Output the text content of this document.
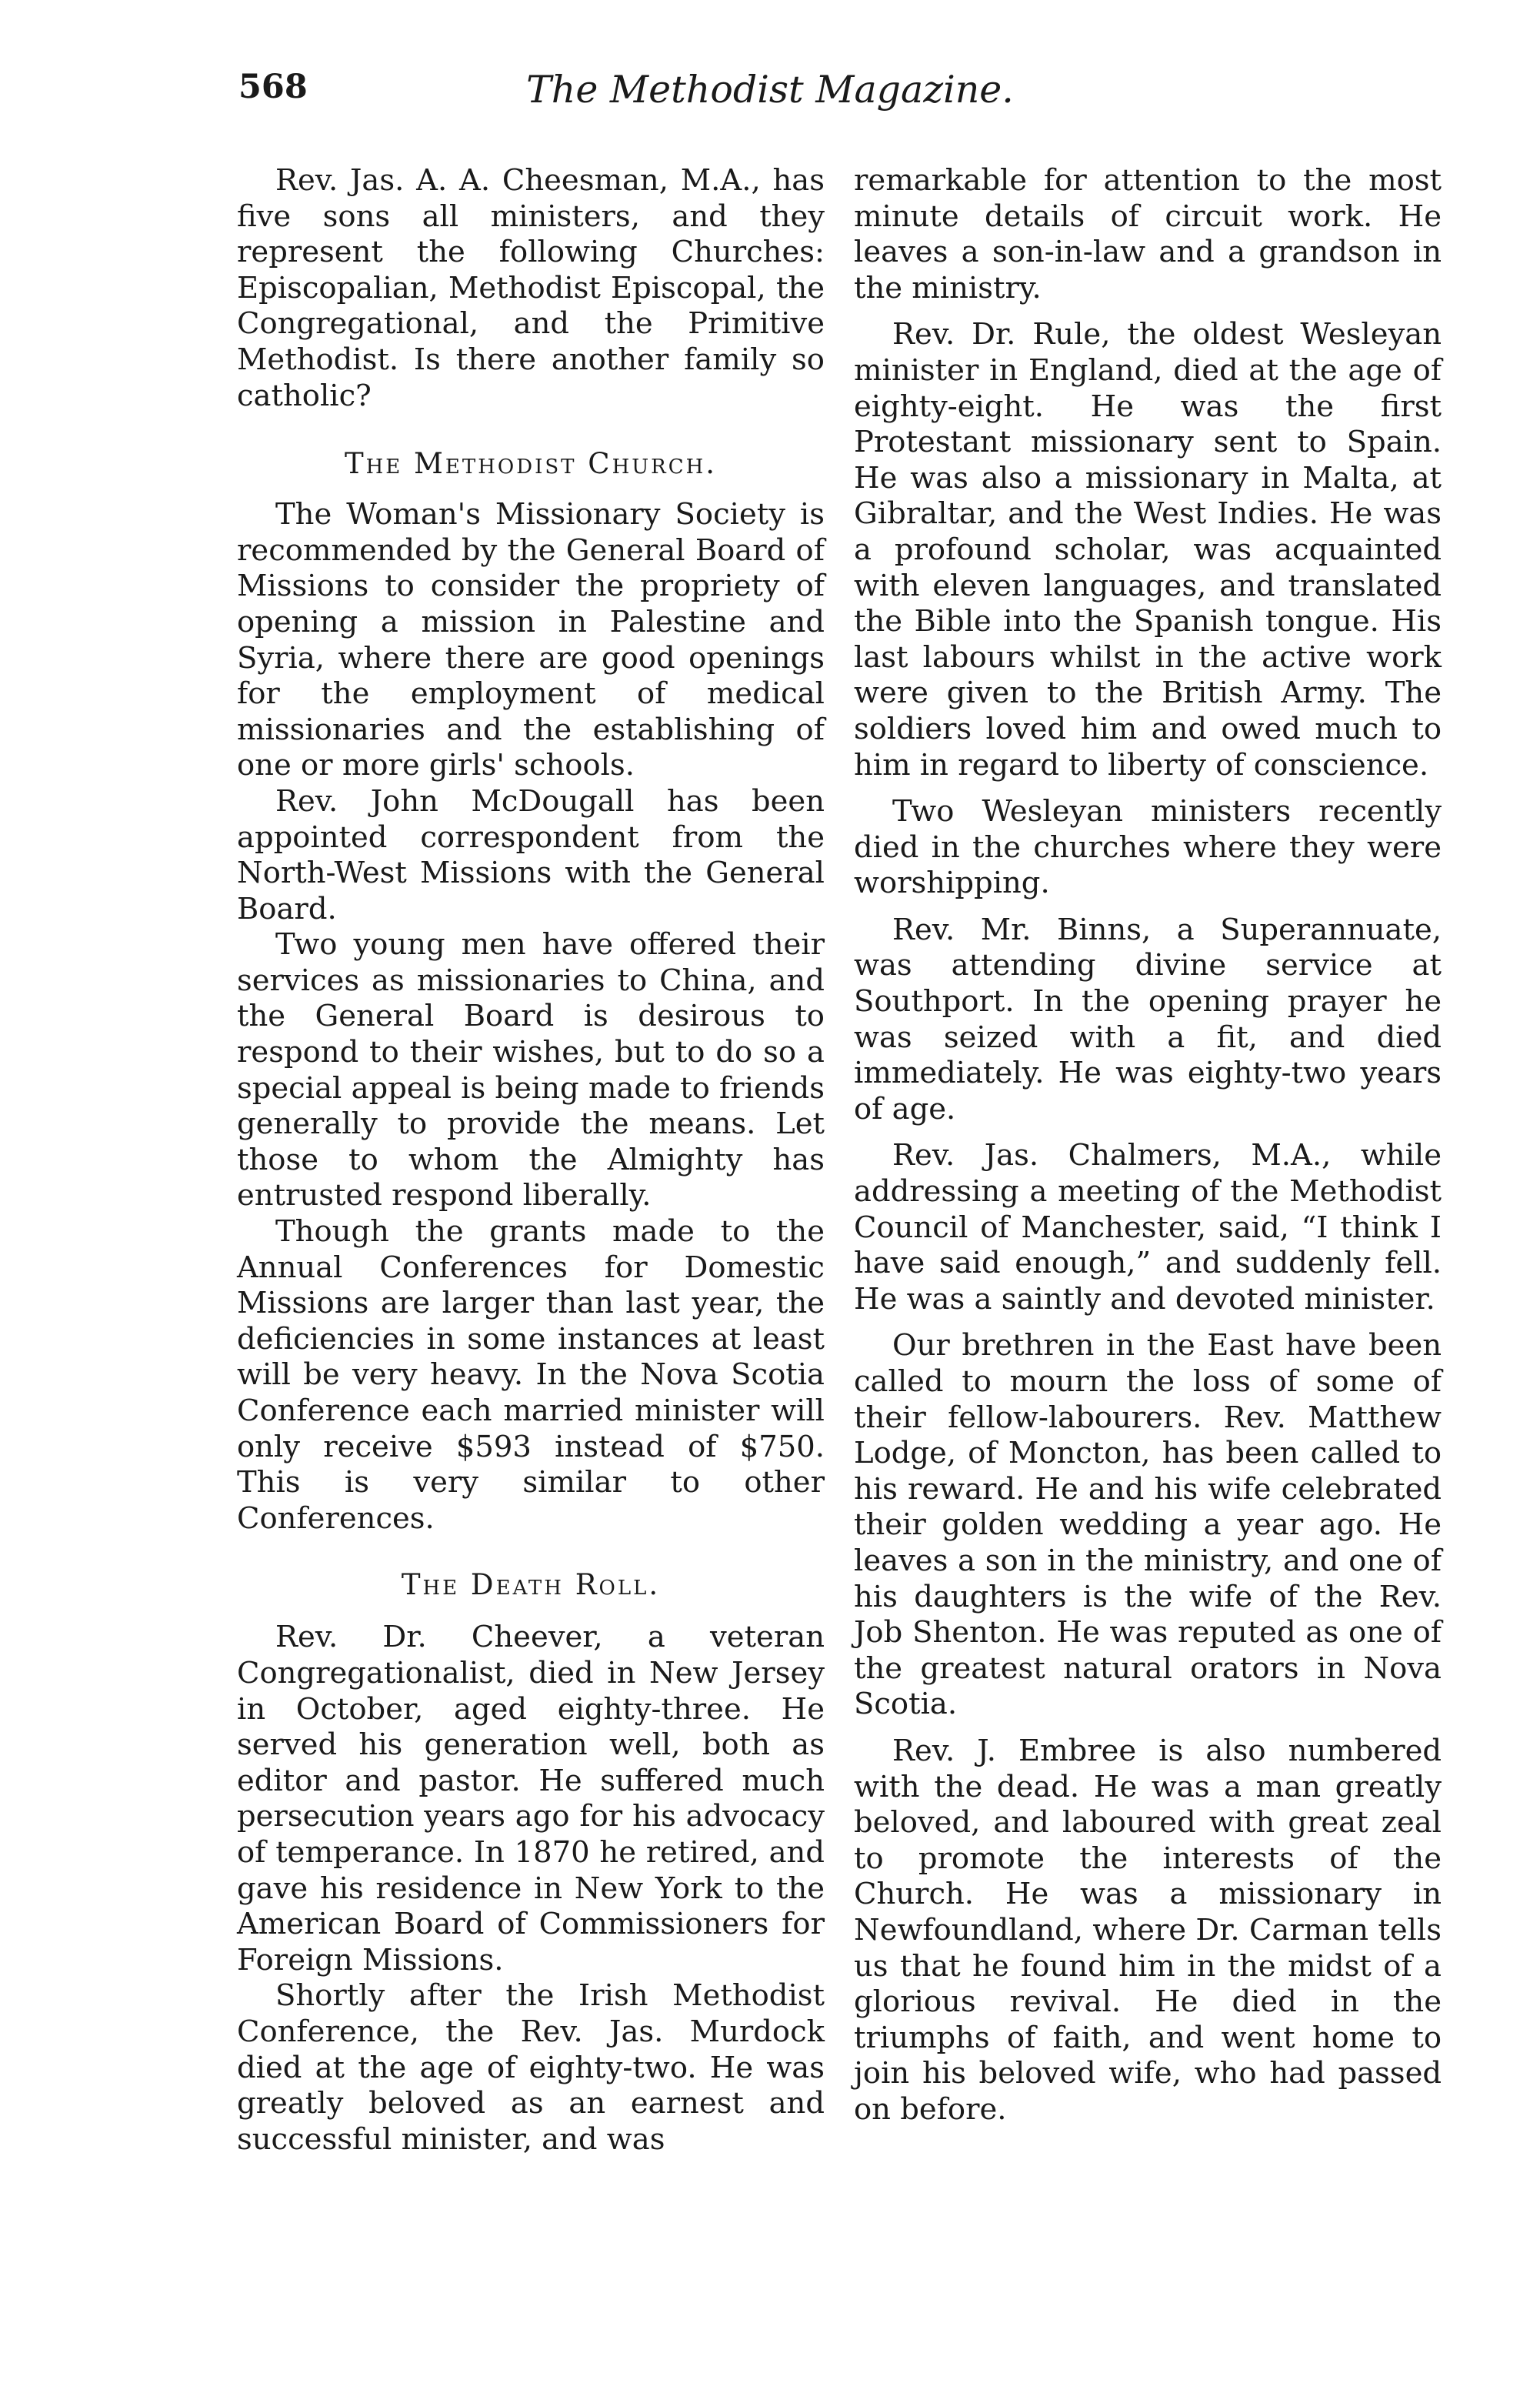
The Methodist Magazine.
568

Rev. Jas. A. A. Cheesman, M.A., has five sons all ministers, and they represent the following Churches: Episcopalian, Methodist Episcopal, the Congregational, and the Primitive Methodist. Is there another family so catholic?

The Methodist Church.

The Woman's Missionary Society is recommended by the General Board of Missions to consider the propriety of opening a mission in Palestine and Syria, where there are good openings for the employment of medical missionaries and the establishing of one or more girls' schools.

Rev. John McDougall has been appointed correspondent from the North-West Missions with the General Board.

Two young men have offered their services as missionaries to China, and the General Board is desirous to respond to their wishes, but to do so a special appeal is being made to friends generally to provide the means. Let those to whom the Almighty has entrusted respond liberally.

Though the grants made to the Annual Conferences for Domestic Missions are larger than last year, the deficiencies in some instances at least will be very heavy. In the Nova Scotia Conference each married minister will only receive $593 instead of $750. This is very similar to other Conferences.

The Death Roll.

Rev. Dr. Cheever, a veteran Congregationalist, died in New Jersey in October, aged eighty-three. He served his generation well, both as editor and pastor. He suffered much persecution years ago for his advocacy of temperance. In 1870 he retired, and gave his residence in New York to the American Board of Commissioners for Foreign Missions.

Shortly after the Irish Methodist Conference, the Rev. Jas. Murdock died at the age of eighty-two. He was greatly beloved as an earnest and successful minister, and was

remarkable for attention to the most minute details of circuit work. He leaves a son-in-law and a grandson in the ministry.

Rev. Dr. Rule, the oldest Wesleyan minister in England, died at the age of eighty-eight. He was the first Protestant missionary sent to Spain. He was also a missionary in Malta, at Gibraltar, and the West Indies. He was a profound scholar, was acquainted with eleven languages, and translated the Bible into the Spanish tongue. His last labours whilst in the active work were given to the British Army. The soldiers loved him and owed much to him in regard to liberty of conscience.

Two Wesleyan ministers recently died in the churches where they were worshipping.

Rev. Mr. Binns, a Superannuate, was attending divine service at Southport. In the opening prayer he was seized with a fit, and died immediately. He was eighty-two years of age.

Rev. Jas. Chalmers, M.A., while addressing a meeting of the Methodist Council of Manchester, said, “I think I have said enough,” and suddenly fell. He was a saintly and devoted minister.

Our brethren in the East have been called to mourn the loss of some of their fellow-labourers. Rev. Matthew Lodge, of Moncton, has been called to his reward. He and his wife celebrated their golden wedding a year ago. He leaves a son in the ministry, and one of his daughters is the wife of the Rev. Job Shenton. He was reputed as one of the greatest natural orators in Nova Scotia.

Rev. J. Embree is also numbered with the dead. He was a man greatly beloved, and laboured with great zeal to promote the interests of the Church. He was a missionary in Newfoundland, where Dr. Carman tells us that he found him in the midst of a glorious revival. He died in the triumphs of faith, and went home to join his beloved wife, who had passed on before.
